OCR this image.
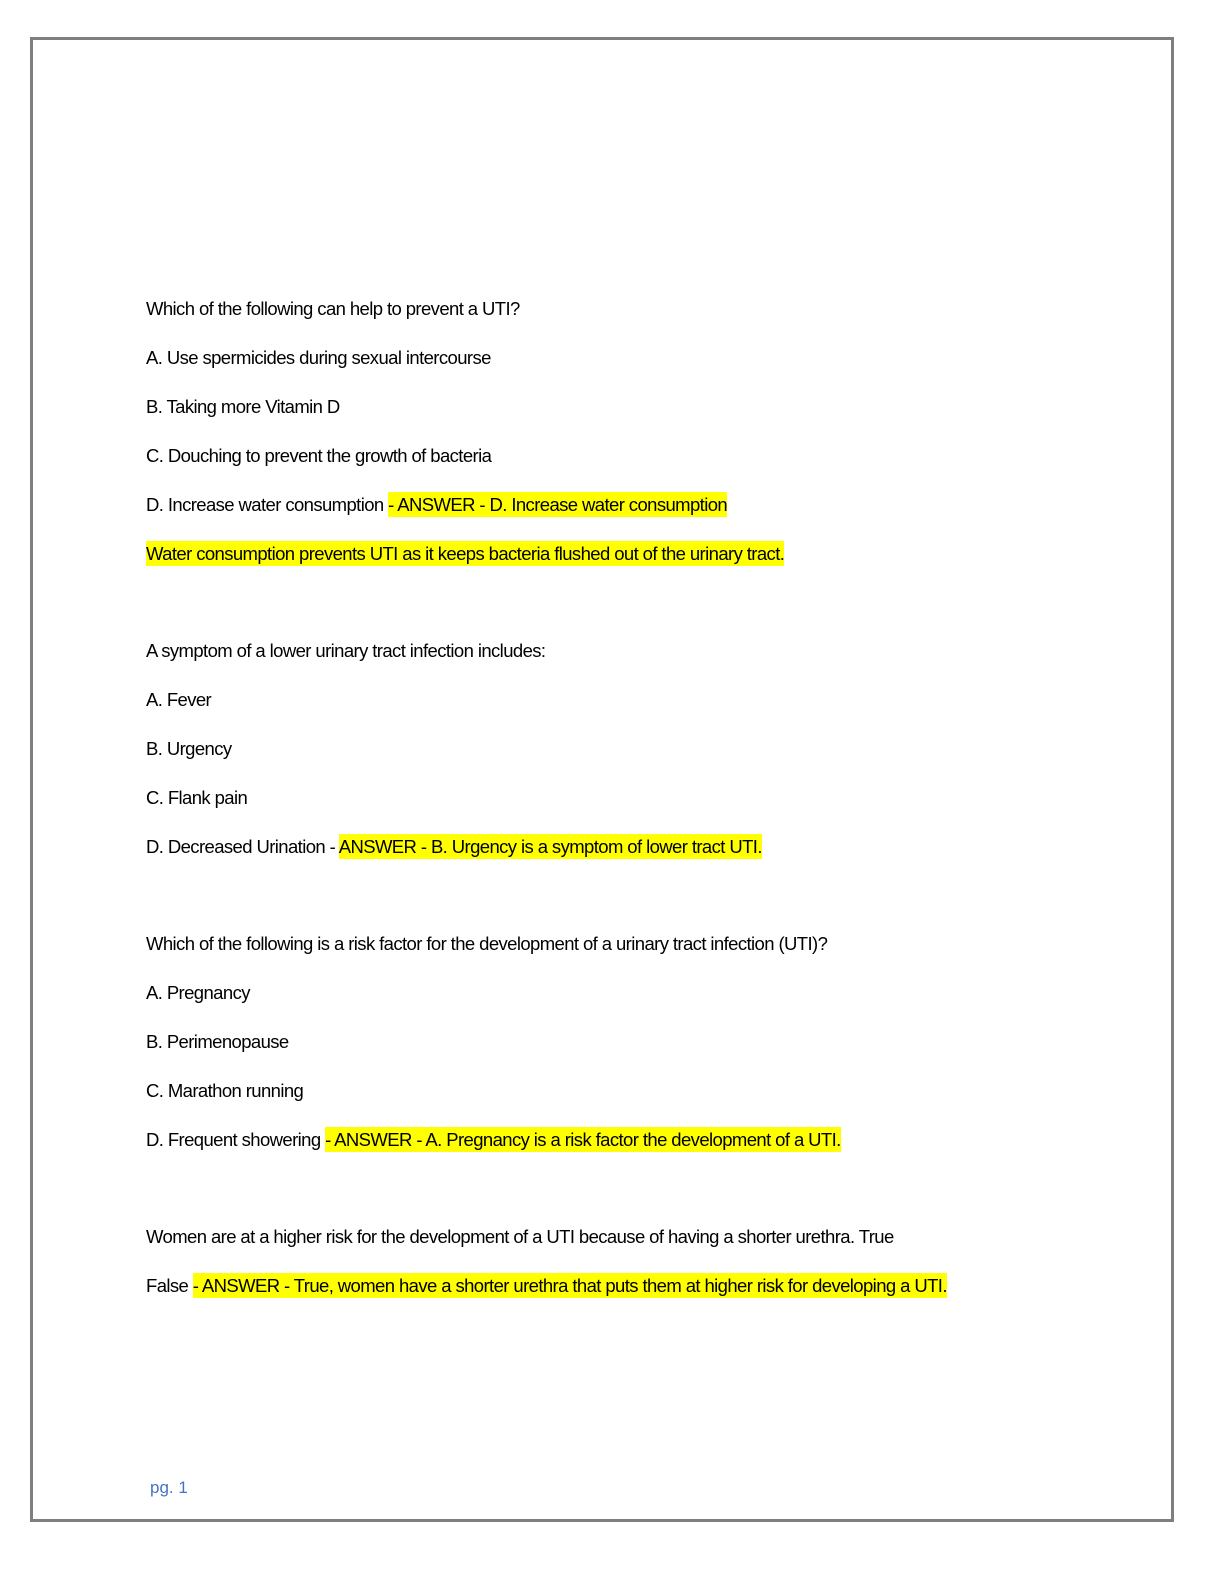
Which of the following can help to prevent a UTI?
A. Use spermicides during sexual intercourse
B. Taking more Vitamin D
C. Douching to prevent the growth of bacteria
D. Increase water consumption - ANSWER - D. Increase water consumption
Water consumption prevents UTI as it keeps bacteria flushed out of the urinary tract.
A symptom of a lower urinary tract infection includes:
A. Fever
B. Urgency
C. Flank pain
D. Decreased Urination - ANSWER - B. Urgency is a symptom of lower tract UTI.
Which of the following is a risk factor for the development of a urinary tract infection (UTI)?
A. Pregnancy
B. Perimenopause
C. Marathon running
D. Frequent showering - ANSWER - A. Pregnancy is a risk factor the development of a UTI.
Women are at a higher risk for the development of a UTI because of having a shorter urethra. True
False - ANSWER - True, women have a shorter urethra that puts them at higher risk for developing a UTI.
pg. 1
